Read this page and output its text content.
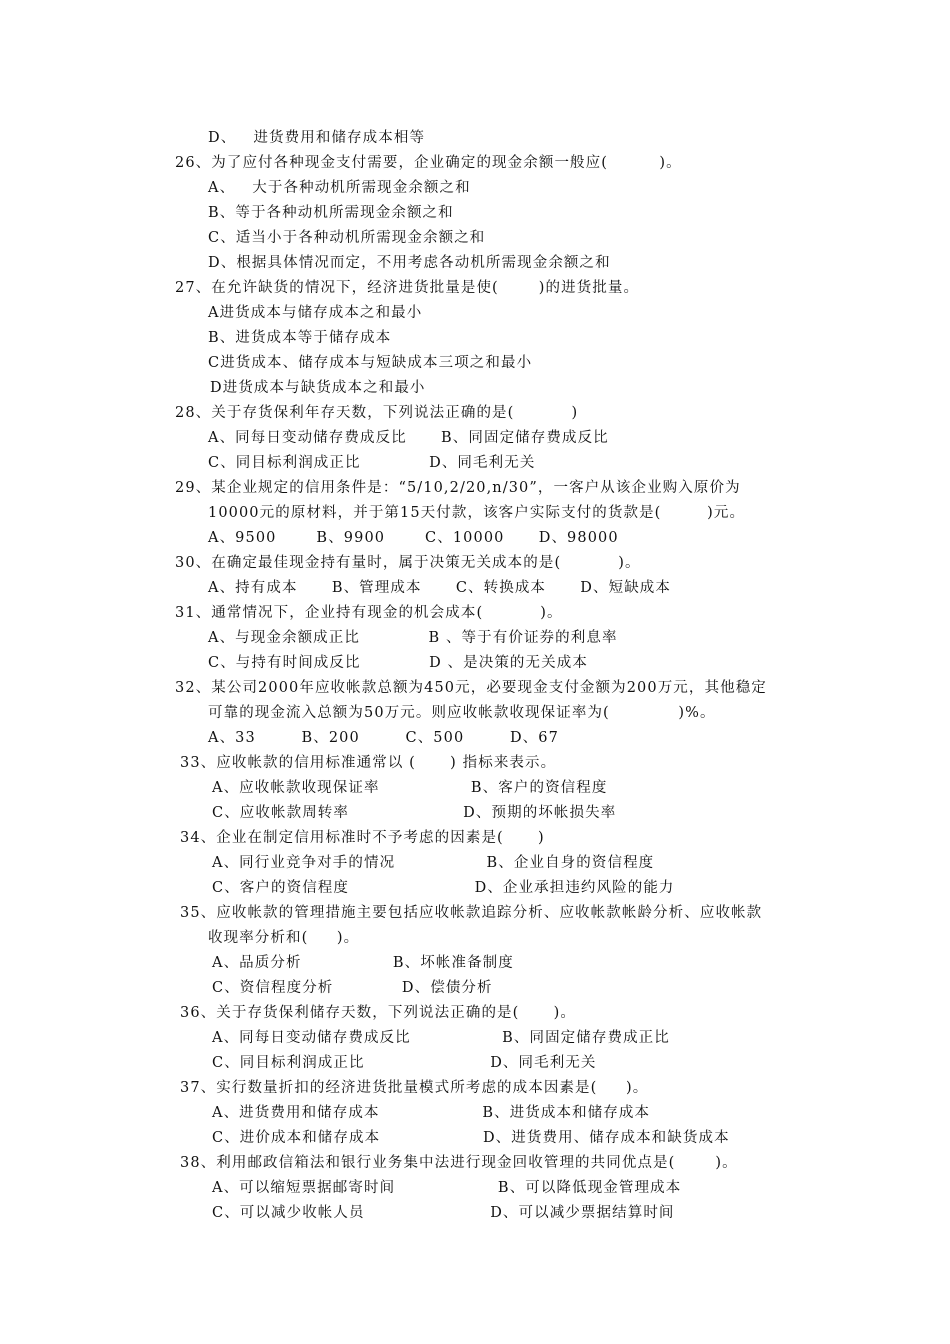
D、   进货费用和储存成本相等
26、为了应付各种现金支付需要，企业确定的现金余额一般应(         )。
A、   大于各种动机所需现金余额之和
B、等于各种动机所需现金余额之和
C、适当小于各种动机所需现金余额之和
D、根据具体情况而定，不用考虑各动机所需现金余额之和
27、在允许缺货的情况下，经济进货批量是使(       )的进货批量。
A进货成本与储存成本之和最小
B、进货成本等于储存成本
C进货成本、储存成本与短缺成本三项之和最小
D进货成本与缺货成本之和最小
28、关于存货保利年存天数，下列说法正确的是(          )
A、同每日变动储存费成反比      B、同固定储存费成反比
C、同目标利润成正比            D、同毛利无关
29、某企业规定的信用条件是：“5/10,2/20,n/30”，一客户从该企业购入原价为
10000元的原材料，并于第15天付款，该客户实际支付的货款是(        )元。
A、9500       B、9900       C、10000      D、98000
30、在确定最佳现金持有量时，属于决策无关成本的是(          )。
A、持有成本      B、管理成本      C、转换成本      D、短缺成本
31、通常情况下，企业持有现金的机会成本(          )。
A、与现金余额成正比            B 、等于有价证券的利息率
C、与持有时间成反比            D 、是决策的无关成本
32、某公司2000年应收帐款总额为450元，必要现金支付金额为200万元，其他稳定
可靠的现金流入总额为50万元。则应收帐款收现保证率为(            )%。
A、33        B、200        C、500        D、67
33、应收帐款的信用标准通常以 (      ) 指标来表示。
A、应收帐款收现保证率                B、客户的资信程度
C、应收帐款周转率                    D、预期的坏帐损失率
34、企业在制定信用标准时不予考虑的因素是(      )
A、同行业竞争对手的情况                B、企业自身的资信程度
C、客户的资信程度                      D、企业承担违约风险的能力
35、应收帐款的管理措施主要包括应收帐款追踪分析、应收帐款帐龄分析、应收帐款
收现率分析和(     )。
A、品质分析                B、坏帐准备制度
C、资信程度分析            D、偿债分析
36、关于存货保利储存天数，下列说法正确的是(      )。
A、同每日变动储存费成反比                B、同固定储存费成正比
C、同目标利润成正比                      D、同毛利无关
37、实行数量折扣的经济进货批量模式所考虑的成本因素是(     )。
A、进货费用和储存成本                  B、进货成本和储存成本
C、进价成本和储存成本                  D、进货费用、储存成本和缺货成本
38、利用邮政信箱法和银行业务集中法进行现金回收管理的共同优点是(       )。
A、可以缩短票据邮寄时间                  B、可以降低现金管理成本
C、可以减少收帐人员                      D、可以减少票据结算时间
